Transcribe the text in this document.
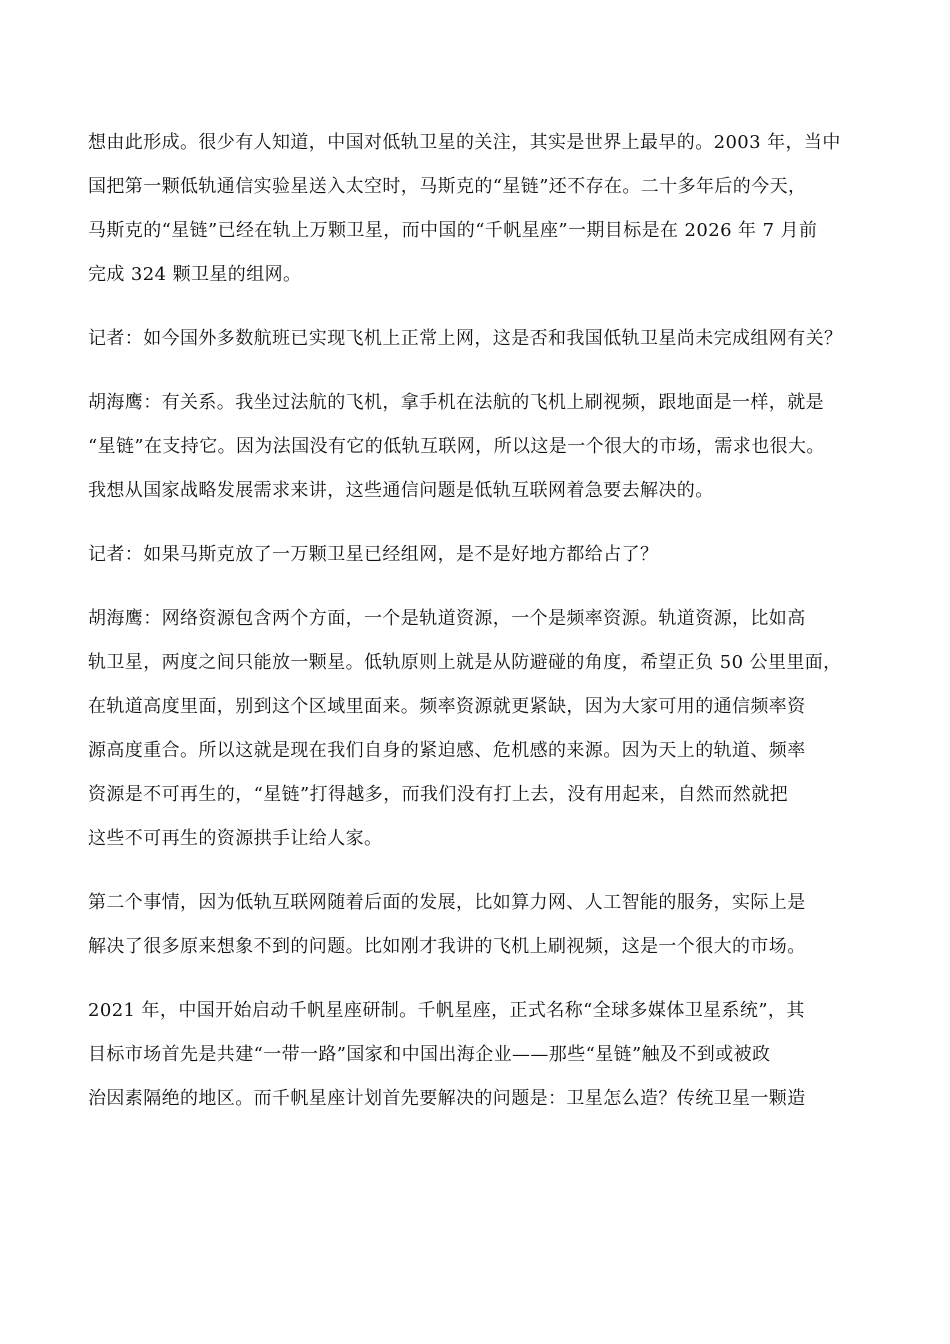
想由此形成。很少有人知道，中国对低轨卫星的关注，其实是世界上最早的。2003 年，当中
国把第一颗低轨通信实验星送入太空时，马斯克的“星链”还不存在。二十多年后的今天，
马斯克的“星链”已经在轨上万颗卫星，而中国的“千帆星座”一期目标是在 2026 年 7 月前
完成 324 颗卫星的组网。

记者：如今国外多数航班已实现飞机上正常上网，这是否和我国低轨卫星尚未完成组网有关？

胡海鹰：有关系。我坐过法航的飞机，拿手机在法航的飞机上刷视频，跟地面是一样，就是
“星链”在支持它。因为法国没有它的低轨互联网，所以这是一个很大的市场，需求也很大。
我想从国家战略发展需求来讲，这些通信问题是低轨互联网着急要去解决的。

记者：如果马斯克放了一万颗卫星已经组网，是不是好地方都给占了？

胡海鹰：网络资源包含两个方面，一个是轨道资源，一个是频率资源。轨道资源，比如高
轨卫星，两度之间只能放一颗星。低轨原则上就是从防避碰的角度，希望正负 50 公里里面，
在轨道高度里面，别到这个区域里面来。频率资源就更紧缺，因为大家可用的通信频率资
源高度重合。所以这就是现在我们自身的紧迫感、危机感的来源。因为天上的轨道、频率
资源是不可再生的，“星链”打得越多，而我们没有打上去，没有用起来，自然而然就把
这些不可再生的资源拱手让给人家。

第二个事情，因为低轨互联网随着后面的发展，比如算力网、人工智能的服务，实际上是
解决了很多原来想象不到的问题。比如刚才我讲的飞机上刷视频，这是一个很大的市场。

2021 年，中国开始启动千帆星座研制。千帆星座，正式名称“全球多媒体卫星系统”，其
目标市场首先是共建“一带一路”国家和中国出海企业——那些“星链”触及不到或被政
治因素隔绝的地区。而千帆星座计划首先要解决的问题是：卫星怎么造？传统卫星一颗造
